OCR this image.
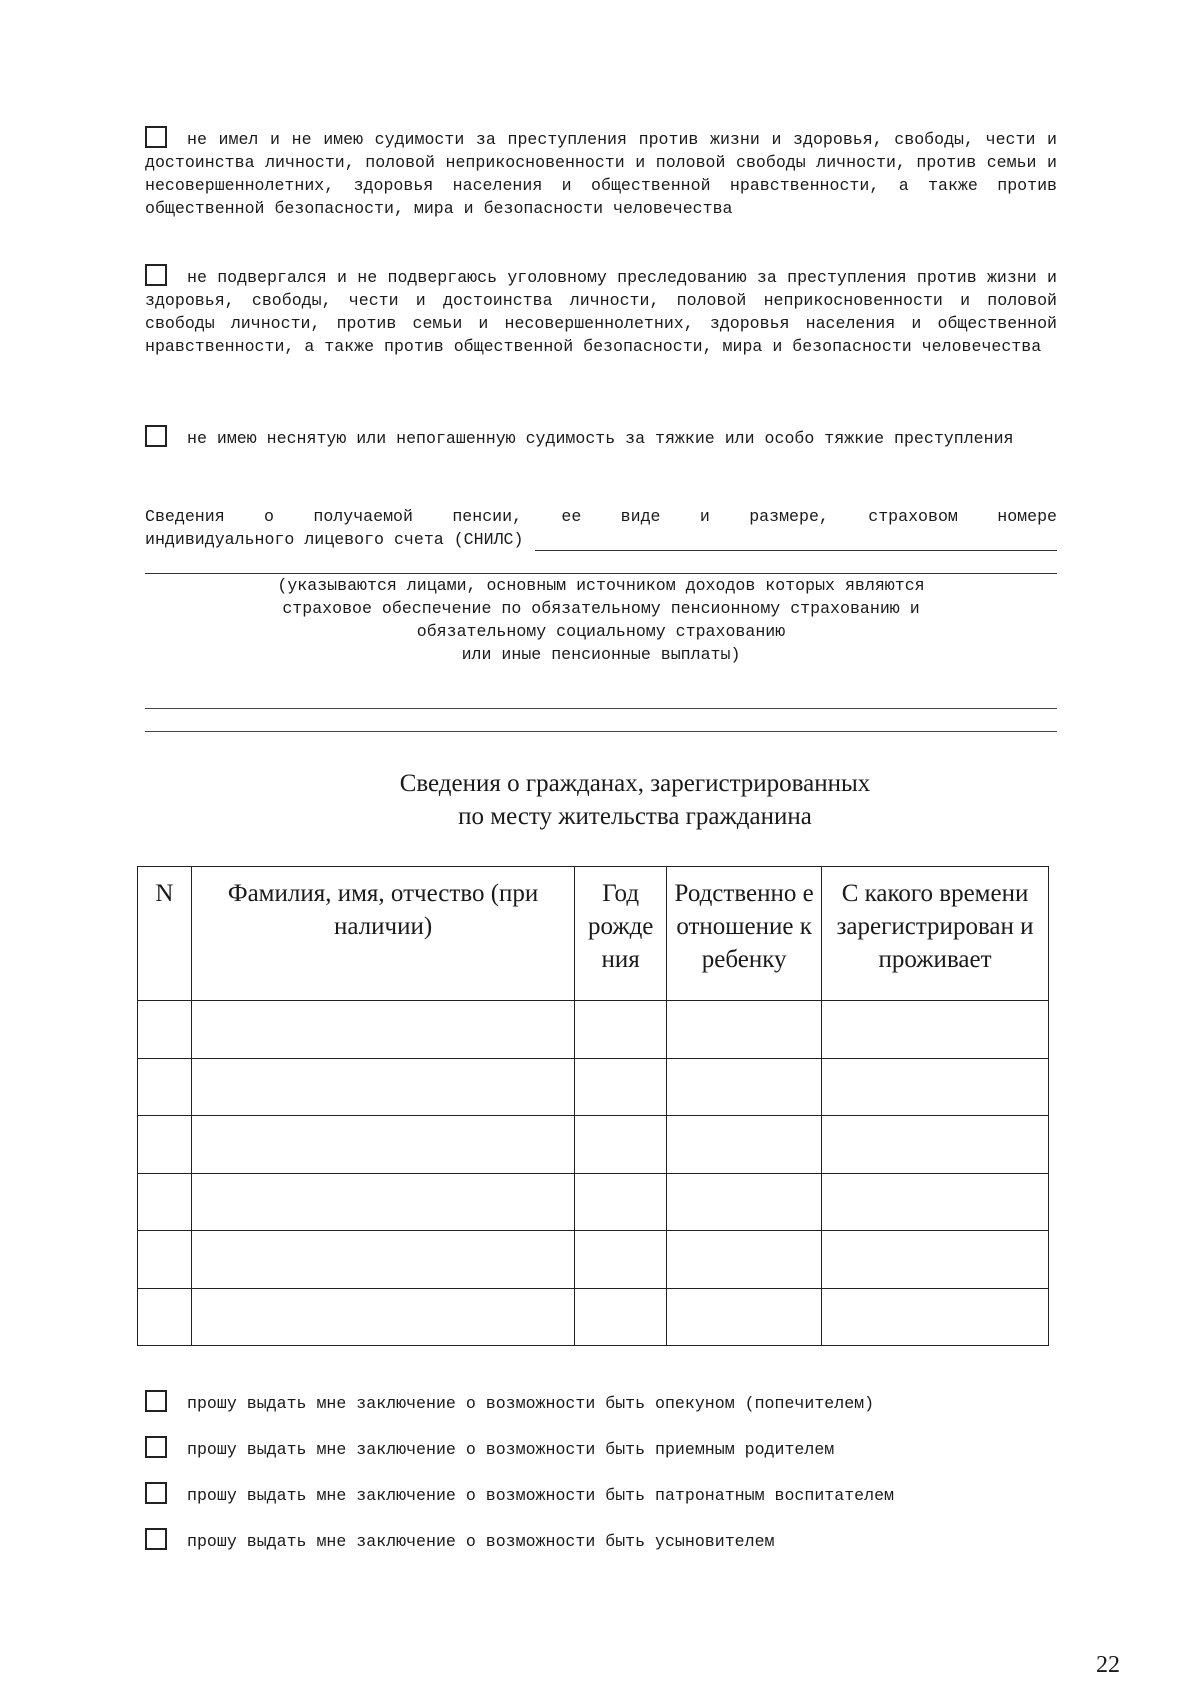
не имел и не имею судимости за преступления против жизни и здоровья, свободы, чести и достоинства личности, половой неприкосновенности и половой свободы личности, против семьи и несовершеннолетних, здоровья населения и общественной нравственности, а также против общественной безопасности, мира и безопасности человечества
не подвергался и не подвергаюсь уголовному преследованию за преступления против жизни и здоровья, свободы, чести и достоинства личности, половой неприкосновенности и половой свободы личности, против семьи и несовершеннолетних, здоровья населения и общественной нравственности, а также против общественной безопасности, мира и безопасности человечества
не имею неснятую или непогашенную судимость за тяжкие или особо тяжкие преступления
Сведения о получаемой пенсии, ее виде и размере, страховом номере
индивидуального лицевого счета (СНИЛС)
(указываются лицами, основным источником доходов которых являются
страховое обеспечение по обязательному пенсионному страхованию и
обязательному социальному страхованию
или иные пенсионные выплаты)
Сведения о гражданах, зарегистрированных
по месту жительства гражданина
N	Фамилия, имя, отчество (при наличии)	Год рожде ния	Родственно е отношение к ребенку	С какого времени зарегистрирован и проживает

прошу выдать мне заключение о возможности быть опекуном (попечителем)
прошу выдать мне заключение о возможности быть приемным родителем
прошу выдать мне заключение о возможности быть патронатным воспитателем
прошу выдать мне заключение о возможности быть усыновителем
22
